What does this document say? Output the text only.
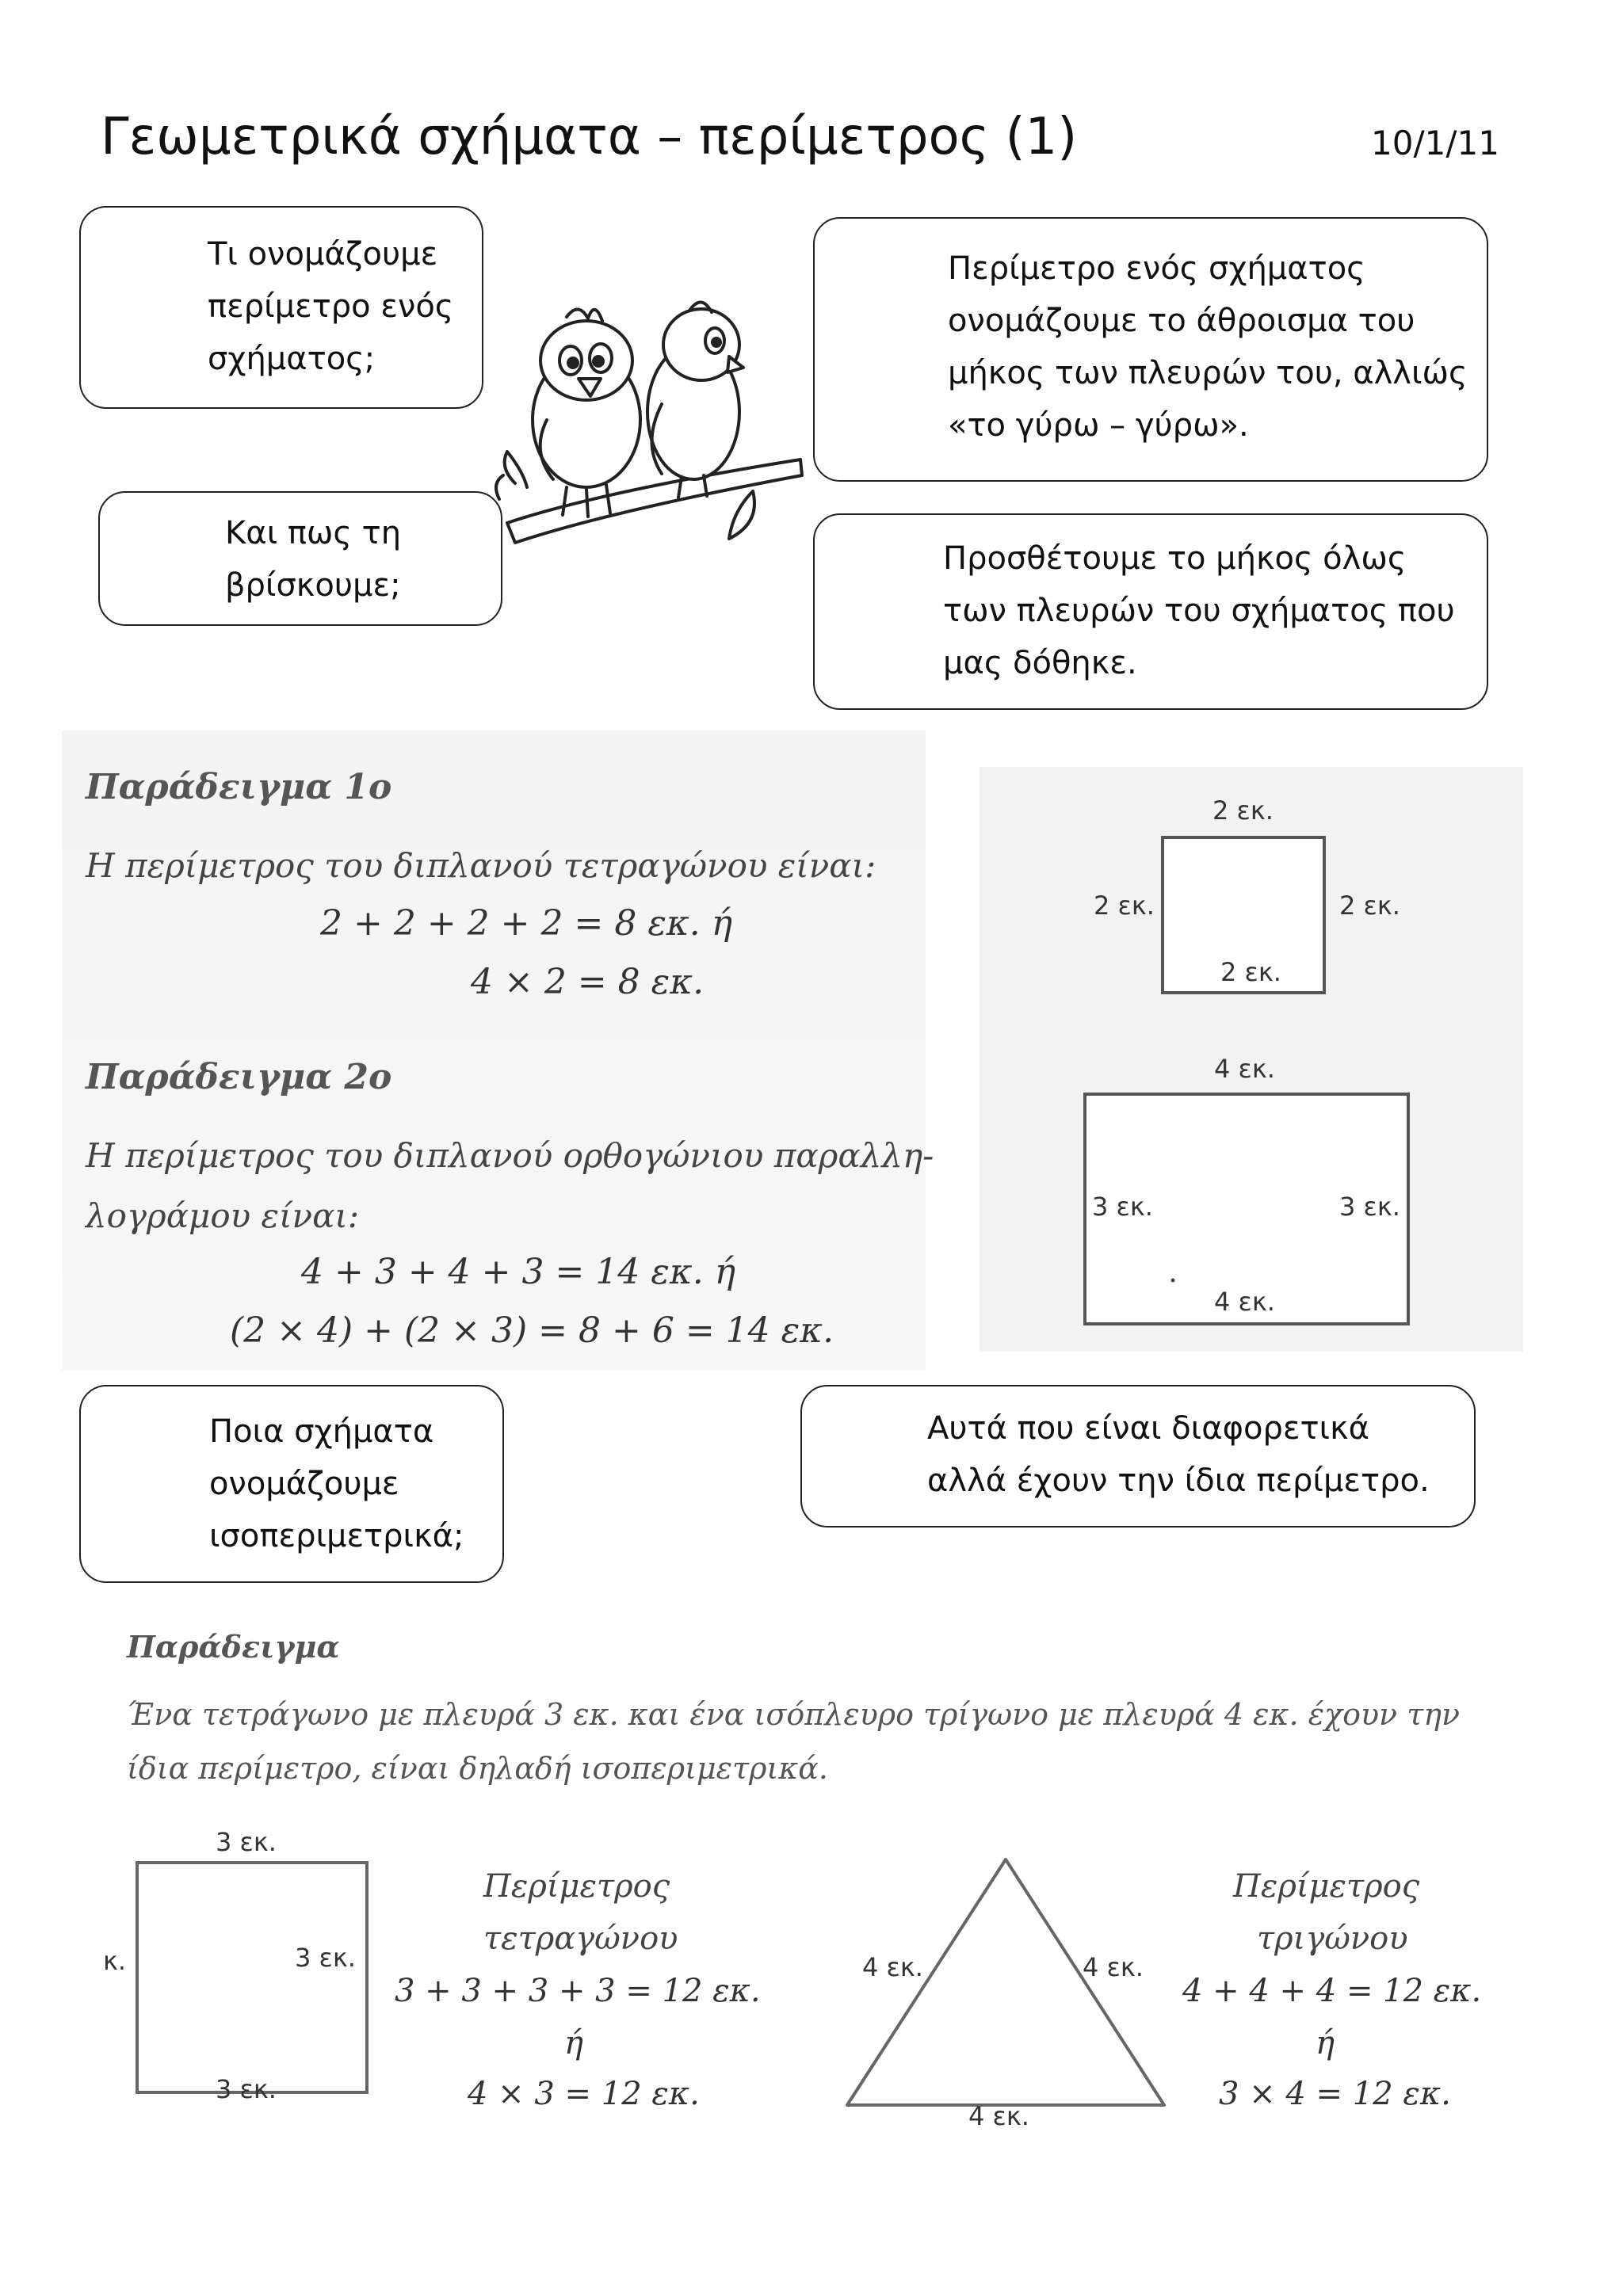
Γεωμετρικά σχήματα – περίμετρος (1)	10/1/11
Τι ονομάζουμε
περίμετρο ενός
σχήματος;
Περίμετρο ενός σχήματος
ονομάζουμε το άθροισμα του
μήκος των πλευρών του, αλλιώς
«το γύρω – γύρω».
Και πως τη
βρίσκουμε;
Προσθέτουμε το μήκος όλως
των πλευρών του σχήματος που
μας δόθηκε.
Παράδειγμα 1ο
Η περίμετρος του διπλανού τετραγώνου είναι:
2 + 2 + 2 + 2 = 8 εκ. ή
4 × 2 = 8 εκ.
Παράδειγμα 2ο
Η περίμετρος του διπλανού ορθογώνιου παραλλη-
λογράμου είναι:
4 + 3 + 4 + 3 = 14 εκ. ή
(2 × 4) + (2 × 3) = 8 + 6 = 14 εκ.
2 εκ.
2 εκ.	2 εκ.
2 εκ.
4 εκ.
3 εκ.	3 εκ.
4 εκ.
Ποια σχήματα
ονομάζουμε
ισοπεριμετρικά;
Αυτά που είναι διαφορετικά
αλλά έχουν την ίδια περίμετρο.
Παράδειγμα
Ένα τετράγωνο με πλευρά 3 εκ. και ένα ισόπλευρο τρίγωνο με πλευρά 4 εκ. έχουν την
ίδια περίμετρο, είναι δηλαδή ισοπεριμετρικά.
3 εκ.
κ.	3 εκ.
3 εκ.
Περίμετρος
τετραγώνου
3 + 3 + 3 + 3 = 12 εκ.
ή
4 × 3 = 12 εκ.
4 εκ.	4 εκ.
4 εκ.
Περίμετρος
τριγώνου
4 + 4 + 4 = 12 εκ.
ή
3 × 4 = 12 εκ.
